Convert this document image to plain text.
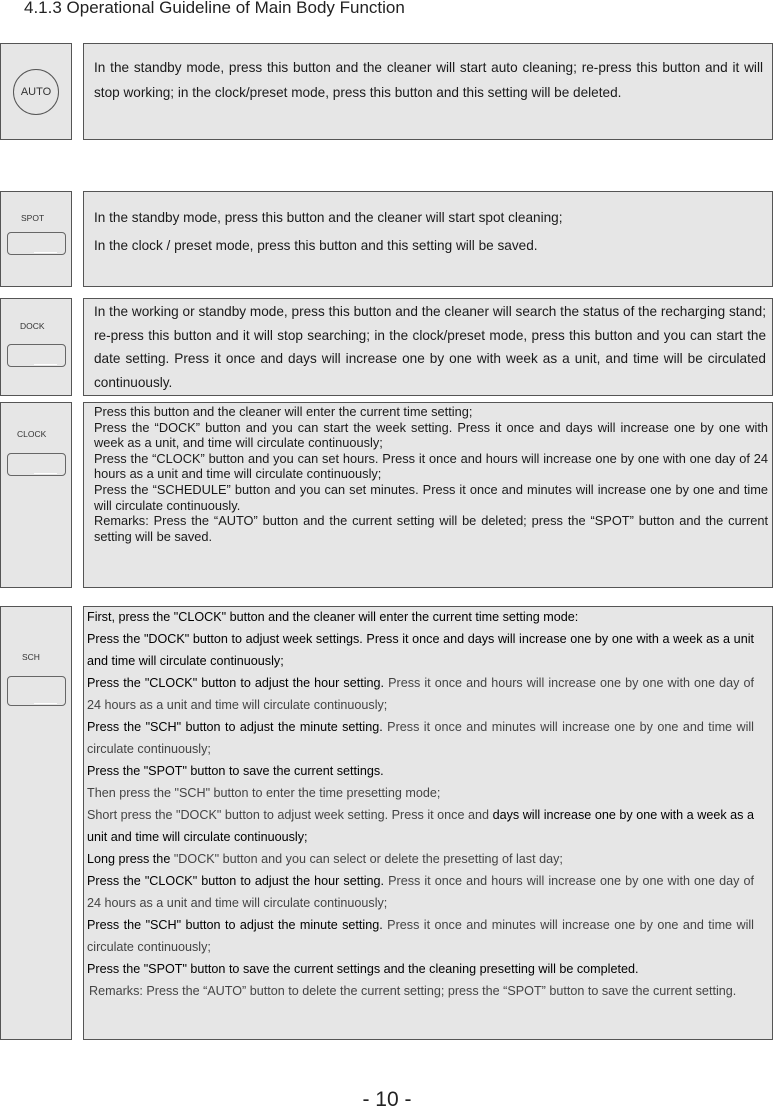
4.1.3 Operational Guideline of Main Body Function
AUTO

In the standby mode, press this button and the cleaner will start auto cleaning; re-press this button and it will stop working; in the clock/preset mode, press this button and this setting will be deleted.

SPOT	In the standby mode, press this button and the cleaner will start spot cleaning;

In the clock / preset mode, press this button and this setting will be saved.

DOCK

In the working or standby mode, press this button and the cleaner will search the status of the recharging stand; re-press this button and it will stop searching; in the clock/preset mode, press this button and you can start the date setting. Press it once and days will increase one by one with week as a unit, and time will be circulated continuously.

CLOCK

Press this button and the cleaner will enter the current time setting;

Press the “DOCK” button and you can start the week setting. Press it once and days will increase one by one with week as a unit, and time will circulate continuously;

Press the “CLOCK” button and you can set hours. Press it once and hours will increase one by one with one day of 24 hours as a unit and time will circulate continuously;

Press the “SCHEDULE” button and you can set minutes. Press it once and minutes will increase one by one and time will circulate continuously.

Remarks: Press the “AUTO” button and the current setting will be deleted; press the “SPOT” button and the current setting will be saved.

SCH

First, press the "CLOCK" button and the cleaner will enter the current time setting mode:

Press the "DOCK" button to adjust week settings. Press it once and days will increase one by one with a week as a unit and time will circulate continuously;

Press the "CLOCK" button to adjust the hour setting. Press it once and hours will increase one by one with one day of 24 hours as a unit and time will circulate continuously;

Press the "SCH" button to adjust the minute setting. Press it once and minutes will increase one by one and time will circulate continuously;

Press the "SPOT" button to save the current settings.

Then press the "SCH" button to enter the time presetting mode;

Short press the "DOCK" button to adjust week setting. Press it once and days will increase one by one with a week as a unit and time will circulate continuously;

Long press the "DOCK" button and you can select or delete the presetting of last day;

Press the "CLOCK" button to adjust the hour setting. Press it once and hours will increase one by one with one day of 24 hours as a unit and time will circulate continuously;

Press the "SCH" button to adjust the minute setting. Press it once and minutes will increase one by one and time will circulate continuously;

Press the "SPOT" button to save the current settings and the cleaning presetting will be completed.

Remarks: Press the “AUTO” button to delete the current setting; press the “SPOT” button to save the current setting.

- 10 -
